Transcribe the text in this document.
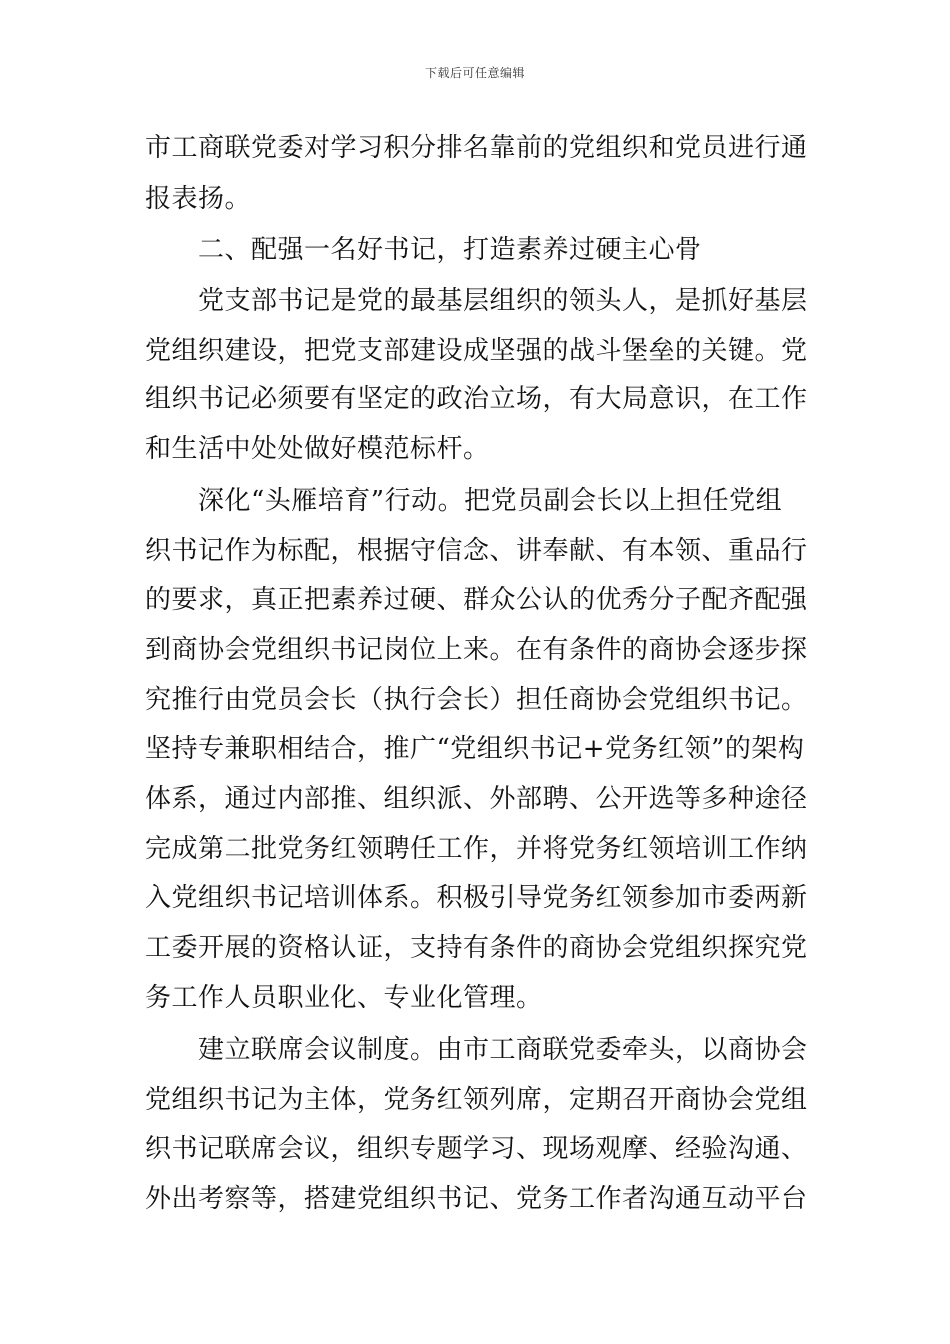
下载后可任意编辑
市工商联党委对学习积分排名靠前的党组织和党员进行通
报表扬。
二、配强一名好书记，打造素养过硬主心骨
党支部书记是党的最基层组织的领头人，是抓好基层
党组织建设，把党支部建设成坚强的战斗堡垒的关键。党
组织书记必须要有坚定的政治立场，有大局意识，在工作
和生活中处处做好模范标杆。
深化“头雁培育”行动。把党员副会长以上担任党组
织书记作为标配，根据守信念、讲奉献、有本领、重品行
的要求，真正把素养过硬、群众公认的优秀分子配齐配强
到商协会党组织书记岗位上来。在有条件的商协会逐步探
究推行由党员会长（执行会长）担任商协会党组织书记。
坚持专兼职相结合，推广“党组织书记+党务红领”的架构
体系，通过内部推、组织派、外部聘、公开选等多种途径
完成第二批党务红领聘任工作，并将党务红领培训工作纳
入党组织书记培训体系。积极引导党务红领参加市委两新
工委开展的资格认证，支持有条件的商协会党组织探究党
务工作人员职业化、专业化管理。
建立联席会议制度。由市工商联党委牵头，以商协会
党组织书记为主体，党务红领列席，定期召开商协会党组
织书记联席会议，组织专题学习、现场观摩、经验沟通、
外出考察等，搭建党组织书记、党务工作者沟通互动平台
